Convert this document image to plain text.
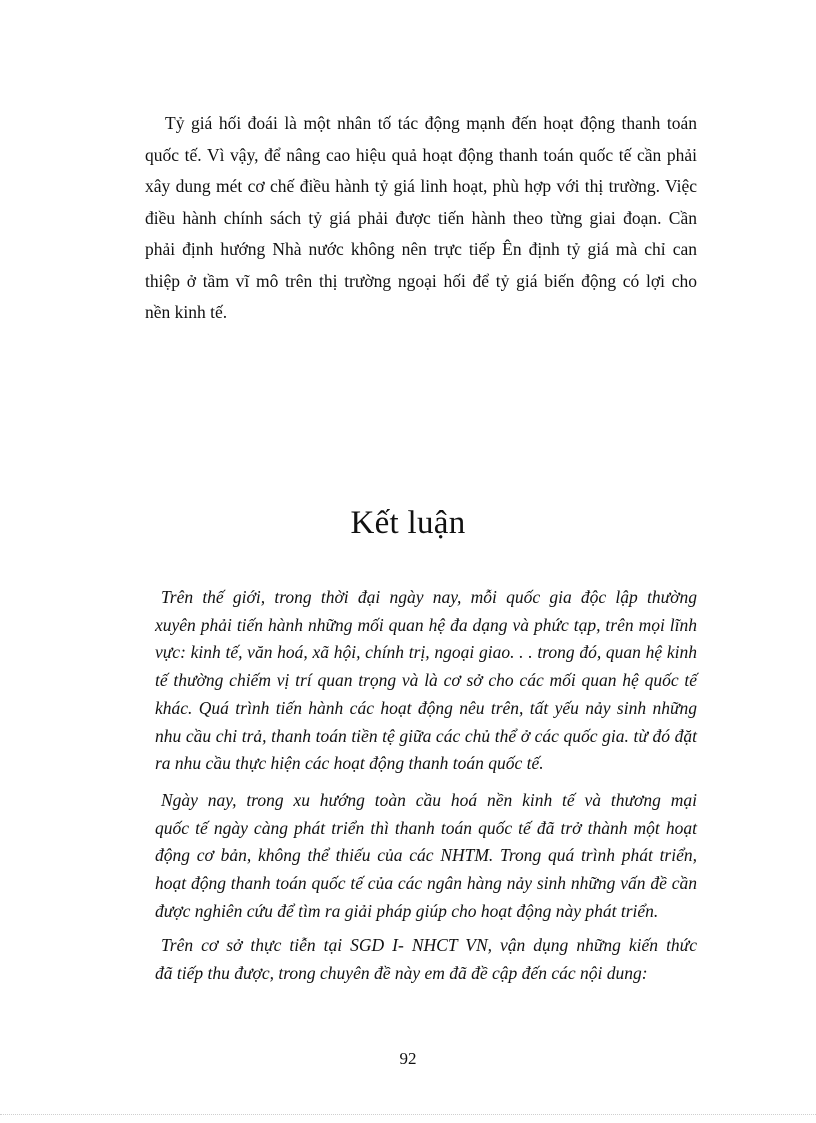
Tỷ giá hối đoái là một nhân tố tác động mạnh đến hoạt động thanh toán
quốc tế. Vì vậy, để nâng cao hiệu quả hoạt động thanh toán quốc tế cần phải
xây dung mét cơ chế điều hành tỷ giá linh hoạt, phù hợp với thị trường. Việc
điều hành chính sách tỷ giá phải được tiến hành theo từng giai đoạn. Cần
phải định hướng Nhà nước không nên trực tiếp Ên định tỷ giá mà chỉ can
thiệp ở tầm vĩ mô trên thị trường ngoại hối để tỷ giá biến động có lợi cho
nền kinh tế.
Kết luận
Trên thế giới, trong thời đại ngày nay, mỗi quốc gia độc lập thường
xuyên phải tiến hành những mối quan hệ đa dạng và phức tạp, trên mọi lĩnh
vực: kinh tế, văn hoá, xã hội, chính trị, ngoại giao. . . trong đó, quan hệ kinh
tế thường chiếm vị trí quan trọng và là cơ sở cho các mối quan hệ quốc tế
khác. Quá trình tiến hành các hoạt động nêu trên, tất yếu nảy sinh những
nhu cầu chi trả, thanh toán tiền tệ giữa các chủ thể ở các quốc gia. từ đó đặt
ra nhu cầu thực hiện các hoạt động thanh toán quốc tế.
Ngày nay, trong xu hướng toàn cầu hoá nền kinh tế và thương mại
quốc tế ngày càng phát triển thì thanh toán quốc tế đã trở thành một hoạt
động cơ bản, không thể thiếu của các NHTM. Trong quá trình phát triển,
hoạt động thanh toán quốc tế của các ngân hàng nảy sinh những vấn đề cần
được nghiên cứu để tìm ra giải pháp giúp cho hoạt động này phát triển.
Trên cơ sở thực tiễn tại SGD I- NHCT VN, vận dụng những kiến thức
đã tiếp thu được, trong chuyên đề này em đã đề cập đến các nội dung:

92
